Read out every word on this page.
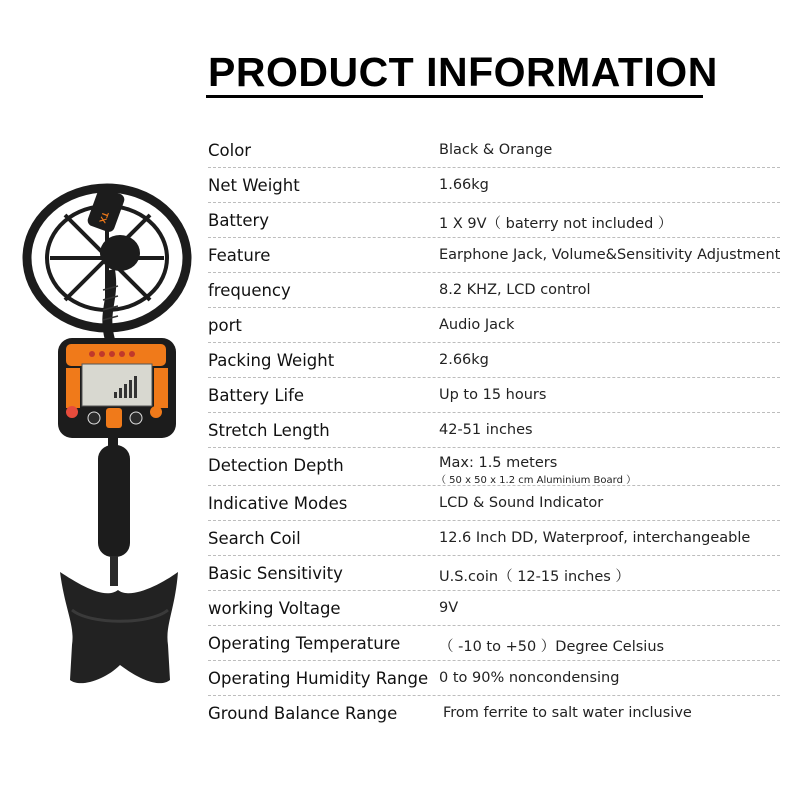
PRODUCT INFORMATION
TX
Color	Black & Orange
Net Weight	1.66kg
Battery	1 X 9V（ baterry not included ）
Feature	Earphone Jack, Volume&Sensitivity Adjustment
frequency	8.2 KHZ, LCD control
port	Audio Jack
Packing Weight	2.66kg
Battery Life	Up to 15 hours
Stretch Length	42-51 inches
Detection Depth	Max: 1.5 meters
（ 50 x 50 x 1.2 cm Aluminium Board ）
Indicative Modes	LCD & Sound Indicator
Search Coil	12.6 Inch DD, Waterproof, interchangeable
Basic Sensitivity	U.S.coin（ 12-15 inches ）
working Voltage	9V
Operating Temperature	（ -10 to +50 ）Degree Celsius
Operating Humidity Range 0 to 90% noncondensing
Ground Balance Range	From ferrite to salt water inclusive
